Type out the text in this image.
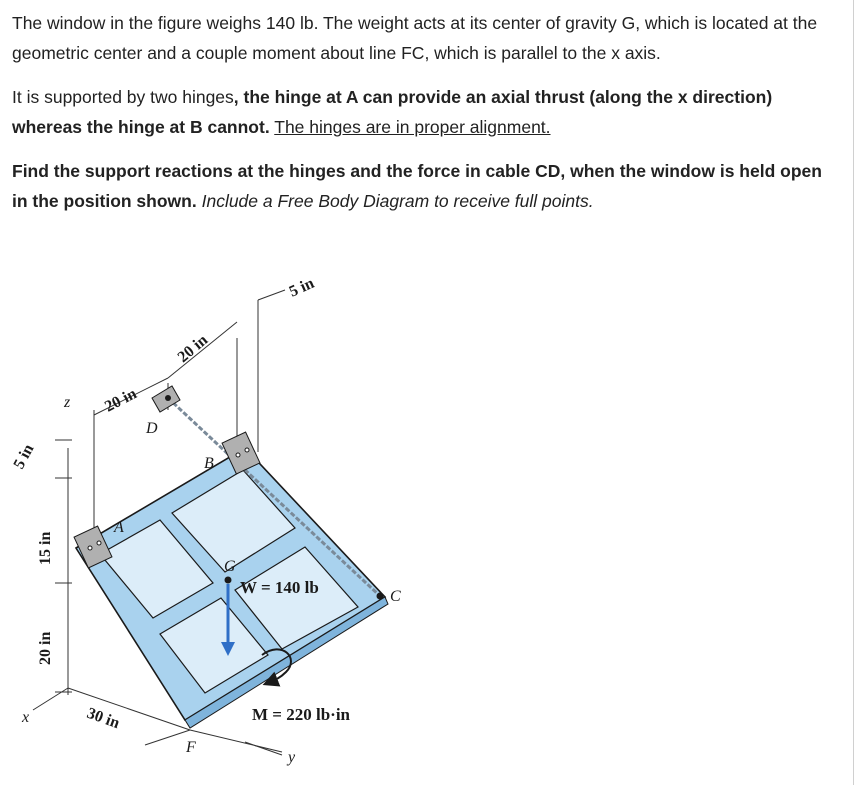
The window in the figure weighs 140 lb. The weight acts at its center of gravity G, which is located at the geometric center and a couple moment about line FC, which is parallel to the x axis.

It is supported by two hinges, the hinge at A can provide an axial thrust (along the x direction) whereas the hinge at B cannot. The hinges are in proper alignment.

Find the support reactions at the hinges and the force in cable CD, when the window is held open in the position shown. Include a Free Body Diagram to receive full points.

5 in
20 in
20 in
5 in
15 in
20 in
30 in
A
B
C
D
F
G
x
y
z
W = 140 lb
M = 220 lb·in
